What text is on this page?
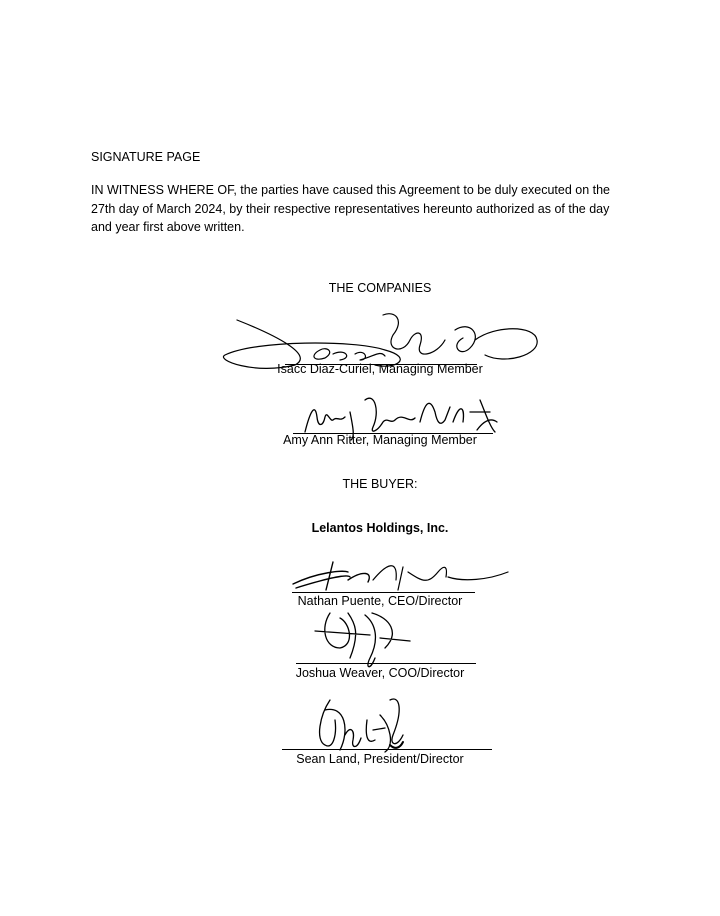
SIGNATURE PAGE
IN WITNESS WHERE OF, the parties have caused this Agreement to be duly executed on the
27th day of March 2024, by their respective representatives hereunto authorized as of the day
and year first above written.
THE COMPANIES
Isacc Diaz-Curiel, Managing Member
Amy Ann Ritter, Managing Member
THE BUYER:
Lelantos Holdings, Inc.
Nathan Puente, CEO/Director
Joshua Weaver, COO/Director
Sean Land, President/Director
